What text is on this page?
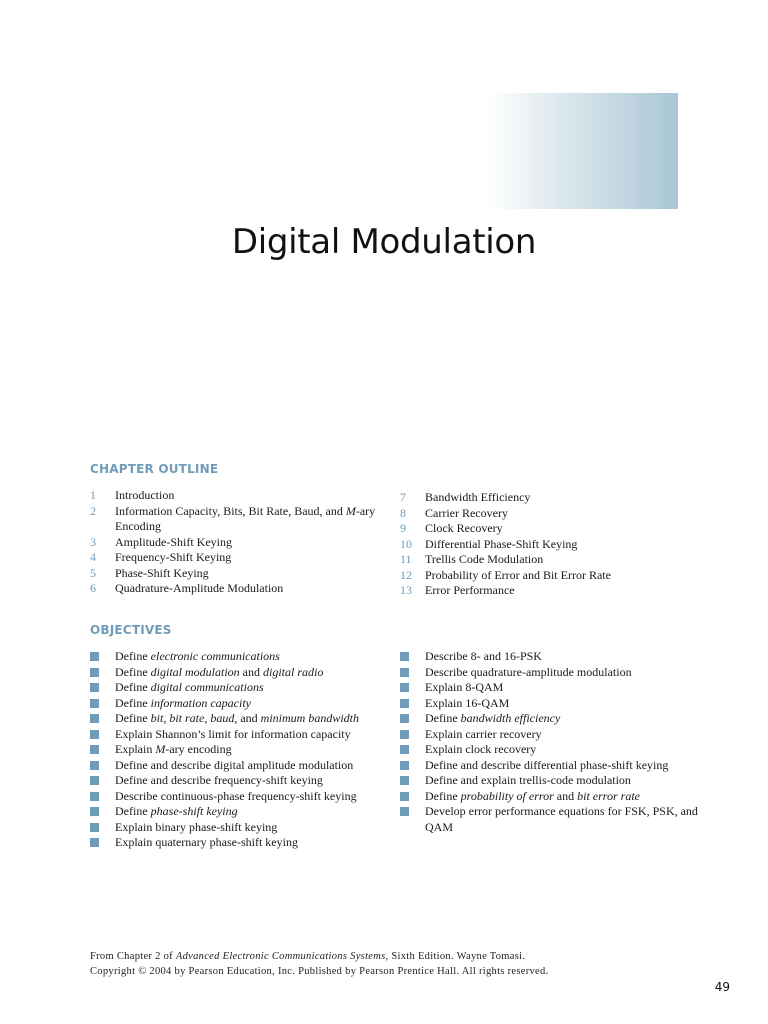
Digital Modulation
CHAPTER OUTLINE
1	Introduction
2	Information Capacity, Bits, Bit Rate, Baud, and M-ary Encoding
3	Amplitude-Shift Keying
4	Frequency-Shift Keying
5	Phase-Shift Keying
6	Quadrature-Amplitude Modulation
7	Bandwidth Efficiency
8	Carrier Recovery
9	Clock Recovery
10	Differential Phase-Shift Keying
11	Trellis Code Modulation
12	Probability of Error and Bit Error Rate
13	Error Performance
OBJECTIVES
Define electronic communications
Define digital modulation and digital radio
Define digital communications
Define information capacity
Define bit, bit rate, baud, and minimum bandwidth
Explain Shannon’s limit for information capacity
Explain M-ary encoding
Define and describe digital amplitude modulation
Define and describe frequency-shift keying
Describe continuous-phase frequency-shift keying
Define phase-shift keying
Explain binary phase-shift keying
Explain quaternary phase-shift keying
Describe 8- and 16-PSK
Describe quadrature-amplitude modulation
Explain 8-QAM
Explain 16-QAM
Define bandwidth efficiency
Explain carrier recovery
Explain clock recovery
Define and describe differential phase-shift keying
Define and explain trellis-code modulation
Define probability of error and bit error rate
Develop error performance equations for FSK, PSK, and QAM
From Chapter 2 of Advanced Electronic Communications Systems, Sixth Edition. Wayne Tomasi.
Copyright © 2004 by Pearson Education, Inc. Published by Pearson Prentice Hall. All rights reserved.
49
